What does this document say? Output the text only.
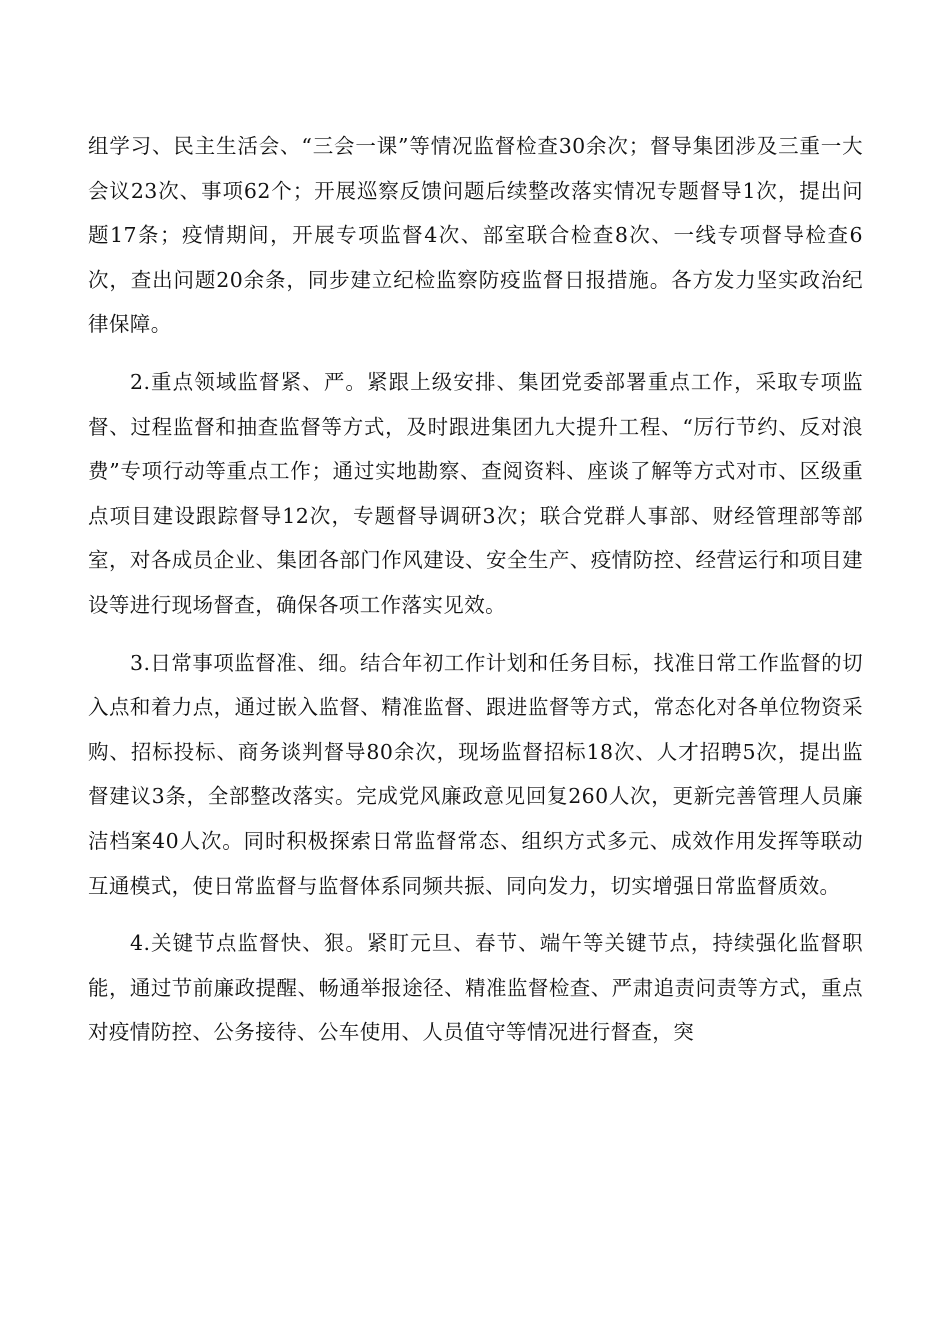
组学习、民主生活会、“三会一课”等情况监督检查30余次；督导集团涉及三重一大会议23次、事项62个；开展巡察反馈问题后续整改落实情况专题督导1次，提出问题17条；疫情期间，开展专项监督4次、部室联合检查8次、一线专项督导检查6次，查出问题20余条，同步建立纪检监察防疫监督日报措施。各方发力坚实政治纪律保障。

2.重点领域监督紧、严。紧跟上级安排、集团党委部署重点工作，采取专项监督、过程监督和抽查监督等方式，及时跟进集团九大提升工程、“厉行节约、反对浪费”专项行动等重点工作；通过实地勘察、查阅资料、座谈了解等方式对市、区级重点项目建设跟踪督导12次，专题督导调研3次；联合党群人事部、财经管理部等部室，对各成员企业、集团各部门作风建设、安全生产、疫情防控、经营运行和项目建设等进行现场督查，确保各项工作落实见效。

3.日常事项监督准、细。结合年初工作计划和任务目标，找准日常工作监督的切入点和着力点，通过嵌入监督、精准监督、跟进监督等方式，常态化对各单位物资采购、招标投标、商务谈判督导80余次，现场监督招标18次、人才招聘5次，提出监督建议3条，全部整改落实。完成党风廉政意见回复260人次，更新完善管理人员廉洁档案40人次。同时积极探索日常监督常态、组织方式多元、成效作用发挥等联动互通模式，使日常监督与监督体系同频共振、同向发力，切实增强日常监督质效。

4.关键节点监督快、狠。紧盯元旦、春节、端午等关键节点，持续强化监督职能，通过节前廉政提醒、畅通举报途径、精准监督检查、严肃追责问责等方式，重点对疫情防控、公务接待、公车使用、人员值守等情况进行督查，突
